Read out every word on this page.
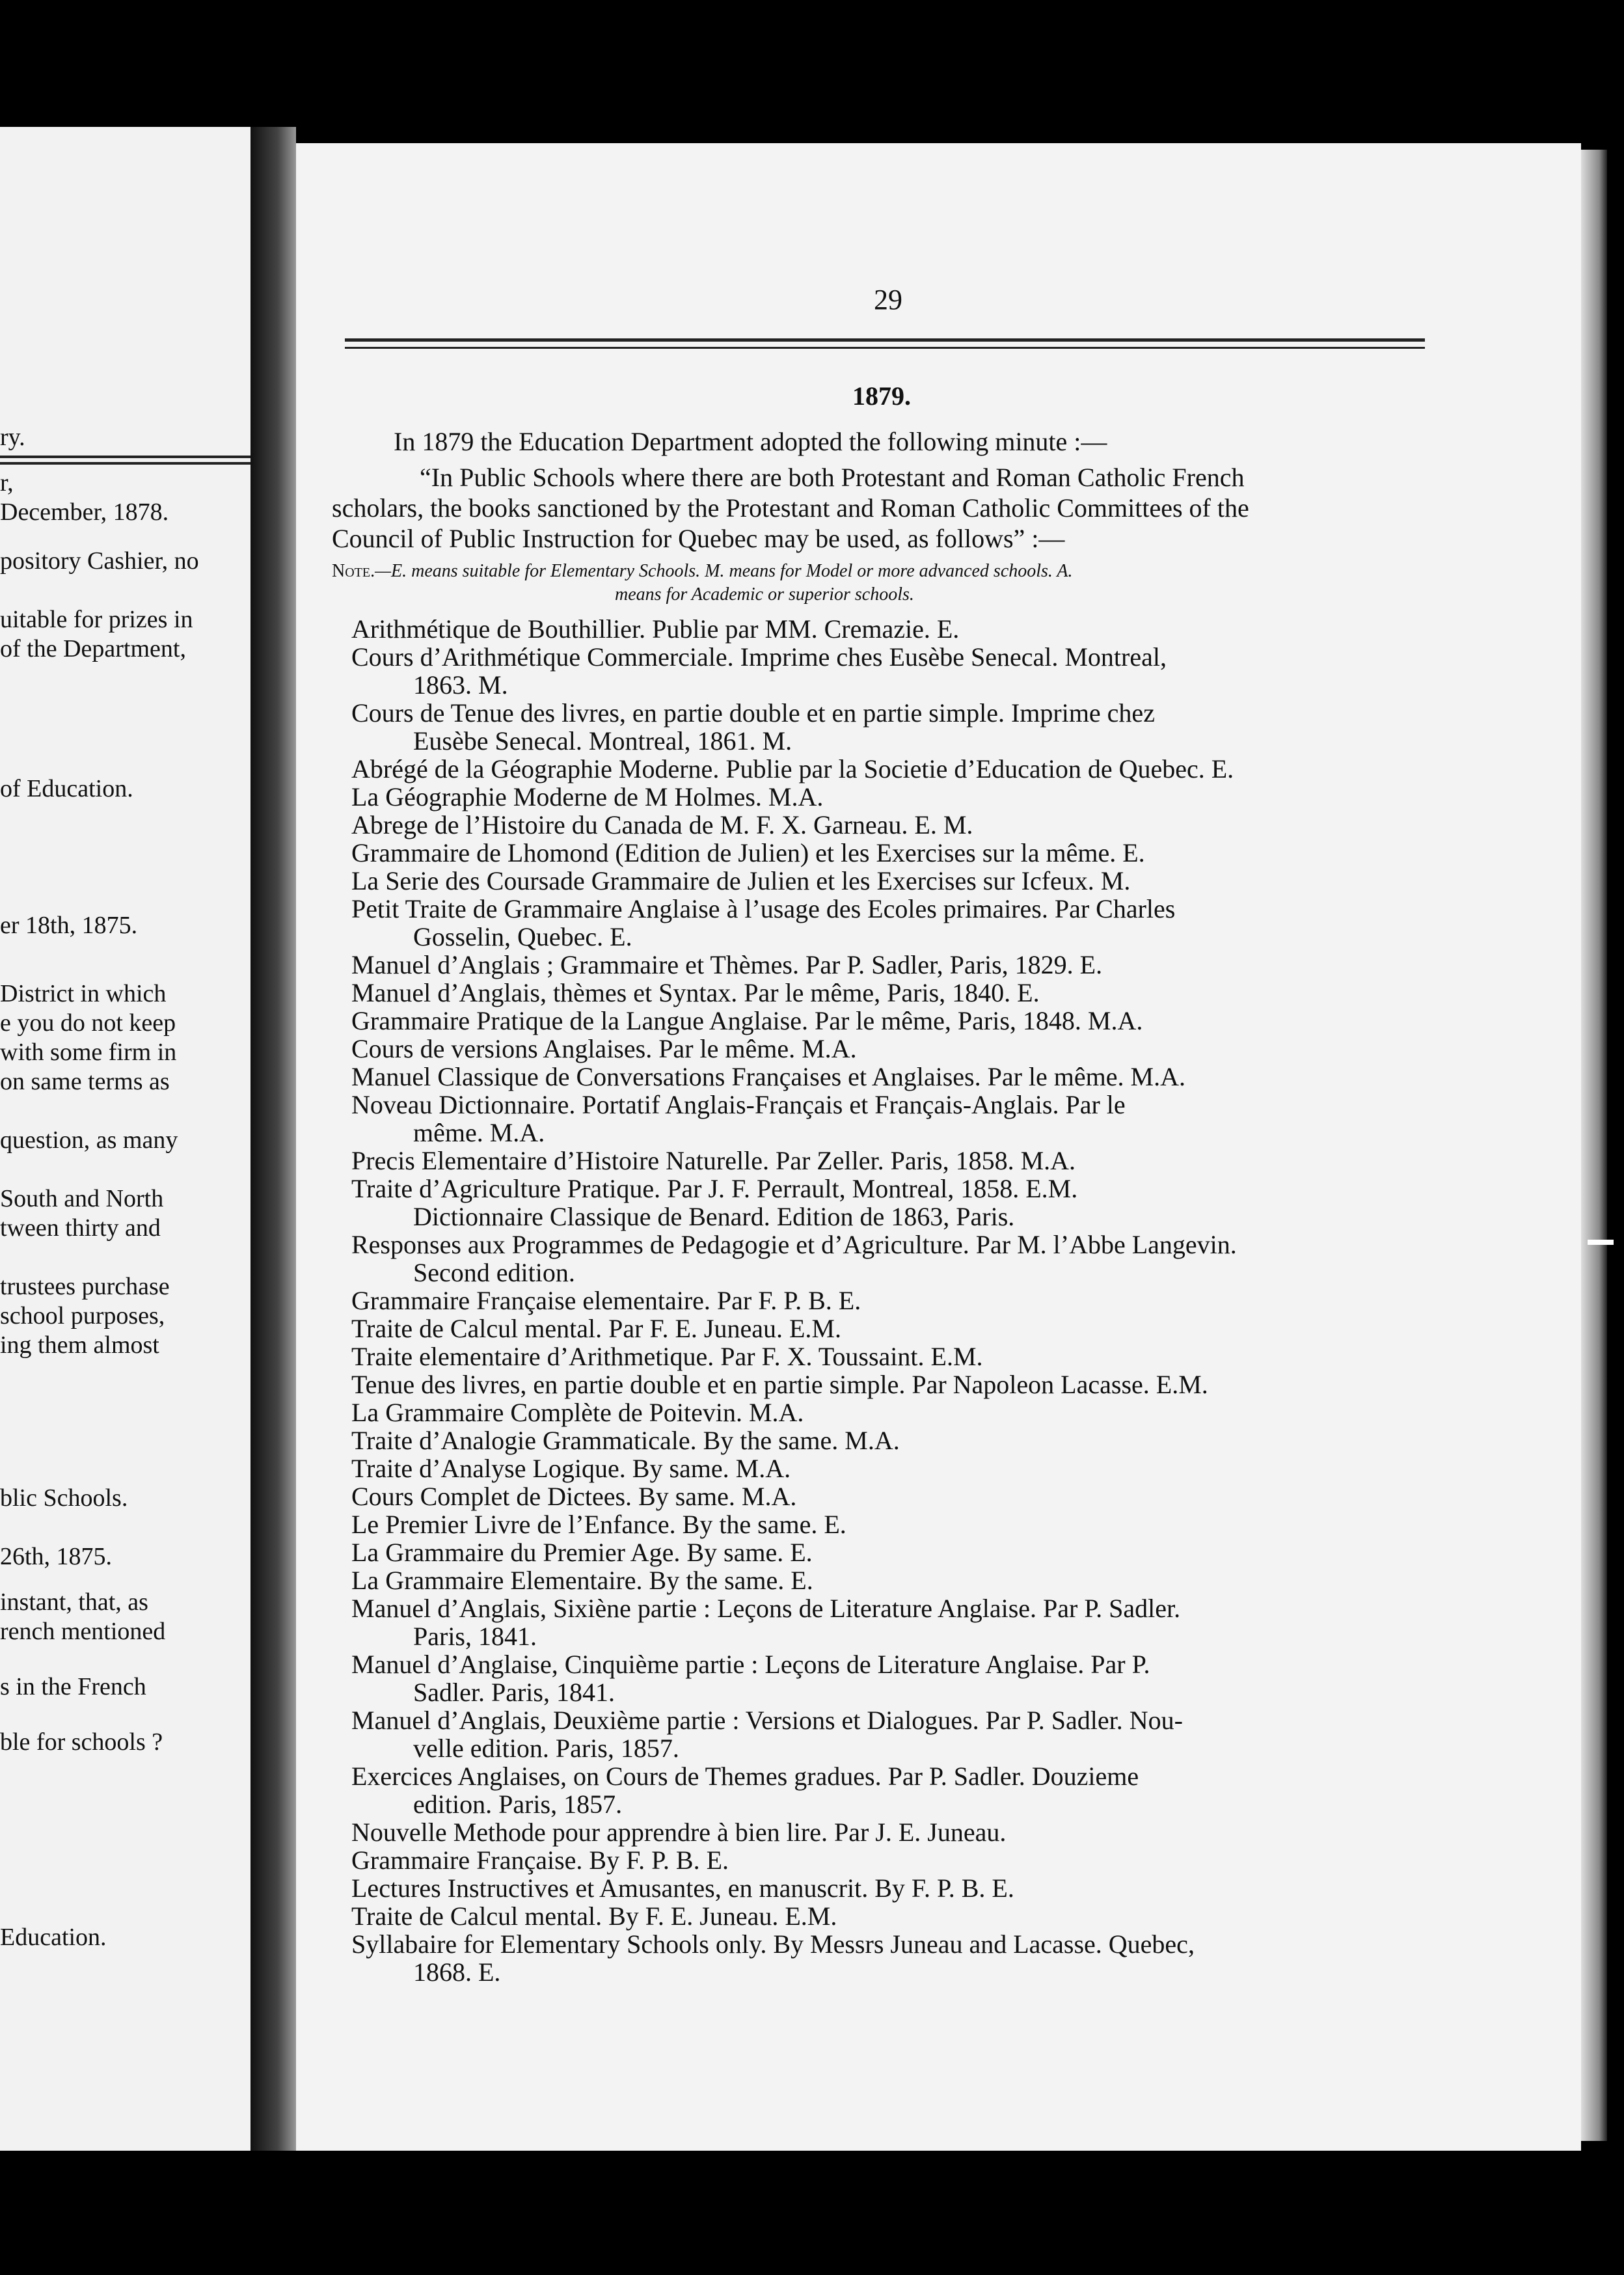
ry.
r,
December, 1878.
pository Cashier, no
uitable for prizes in
of the Department,
of Education.
er 18th, 1875.
District in which
e you do not keep
with some firm in
on same terms as
question, as many
South and North
tween thirty and
trustees purchase
school purposes,
ing them almost
blic Schools.
26th, 1875.
instant, that, as
rench mentioned
s in the French
ble for schools ?
Education.
29
1879.
In 1879 the Education Department adopted the following minute :—
“In Public Schools where there are both Protestant and Roman Catholic French
scholars, the books sanctioned by the Protestant and Roman Catholic Committees of the
Council of Public Instruction for Quebec may be used, as follows” :—
Note.—E. means suitable for Elementary Schools. M. means for Model or more advanced schools. A.
means for Academic or superior schools.
Arithmétique de Bouthillier. Publie par MM. Cremazie. E.
Cours d’Arithmétique Commerciale. Imprime ches Eusèbe Senecal. Montreal,
1863. M.
Cours de Tenue des livres, en partie double et en partie simple. Imprime chez
Eusèbe Senecal. Montreal, 1861. M.
Abrégé de la Géographie Moderne. Publie par la Societie d’Education de Quebec. E.
La Géographie Moderne de M Holmes. M.A.
Abrege de l’Histoire du Canada de M. F. X. Garneau. E. M.
Grammaire de Lhomond (Edition de Julien) et les Exercises sur la même. E.
La Serie des Coursade Grammaire de Julien et les Exercises sur Icfeux. M.
Petit Traite de Grammaire Anglaise à l’usage des Ecoles primaires. Par Charles
Gosselin, Quebec. E.
Manuel d’Anglais ; Grammaire et Thèmes. Par P. Sadler, Paris, 1829. E.
Manuel d’Anglais, thèmes et Syntax. Par le même, Paris, 1840. E.
Grammaire Pratique de la Langue Anglaise. Par le même, Paris, 1848. M.A.
Cours de versions Anglaises. Par le même. M.A.
Manuel Classique de Conversations Françaises et Anglaises. Par le même. M.A.
Noveau Dictionnaire. Portatif Anglais-Français et Français-Anglais. Par le
même. M.A.
Precis Elementaire d’Histoire Naturelle. Par Zeller. Paris, 1858. M.A.
Traite d’Agriculture Pratique. Par J. F. Perrault, Montreal, 1858. E.M.
Dictionnaire Classique de Benard. Edition de 1863, Paris.
Responses aux Programmes de Pedagogie et d’Agriculture. Par M. l’Abbe Langevin.
Second edition.
Grammaire Française elementaire. Par F. P. B. E.
Traite de Calcul mental. Par F. E. Juneau. E.M.
Traite elementaire d’Arithmetique. Par F. X. Toussaint. E.M.
Tenue des livres, en partie double et en partie simple. Par Napoleon Lacasse. E.M.
La Grammaire Complète de Poitevin. M.A.
Traite d’Analogie Grammaticale. By the same. M.A.
Traite d’Analyse Logique. By same. M.A.
Cours Complet de Dictees. By same. M.A.
Le Premier Livre de l’Enfance. By the same. E.
La Grammaire du Premier Age. By same. E.
La Grammaire Elementaire. By the same. E.
Manuel d’Anglais, Sixiène partie : Leçons de Literature Anglaise. Par P. Sadler.
Paris, 1841.
Manuel d’Anglaise, Cinquième partie : Leçons de Literature Anglaise. Par P.
Sadler. Paris, 1841.
Manuel d’Anglais, Deuxième partie : Versions et Dialogues. Par P. Sadler. Nou-
velle edition. Paris, 1857.
Exercices Anglaises, on Cours de Themes gradues. Par P. Sadler. Douzieme
edition. Paris, 1857.
Nouvelle Methode pour apprendre à bien lire. Par J. E. Juneau.
Grammaire Française. By F. P. B. E.
Lectures Instructives et Amusantes, en manuscrit. By F. P. B. E.
Traite de Calcul mental. By F. E. Juneau. E.M.
Syllabaire for Elementary Schools only. By Messrs Juneau and Lacasse. Quebec,
1868. E.
